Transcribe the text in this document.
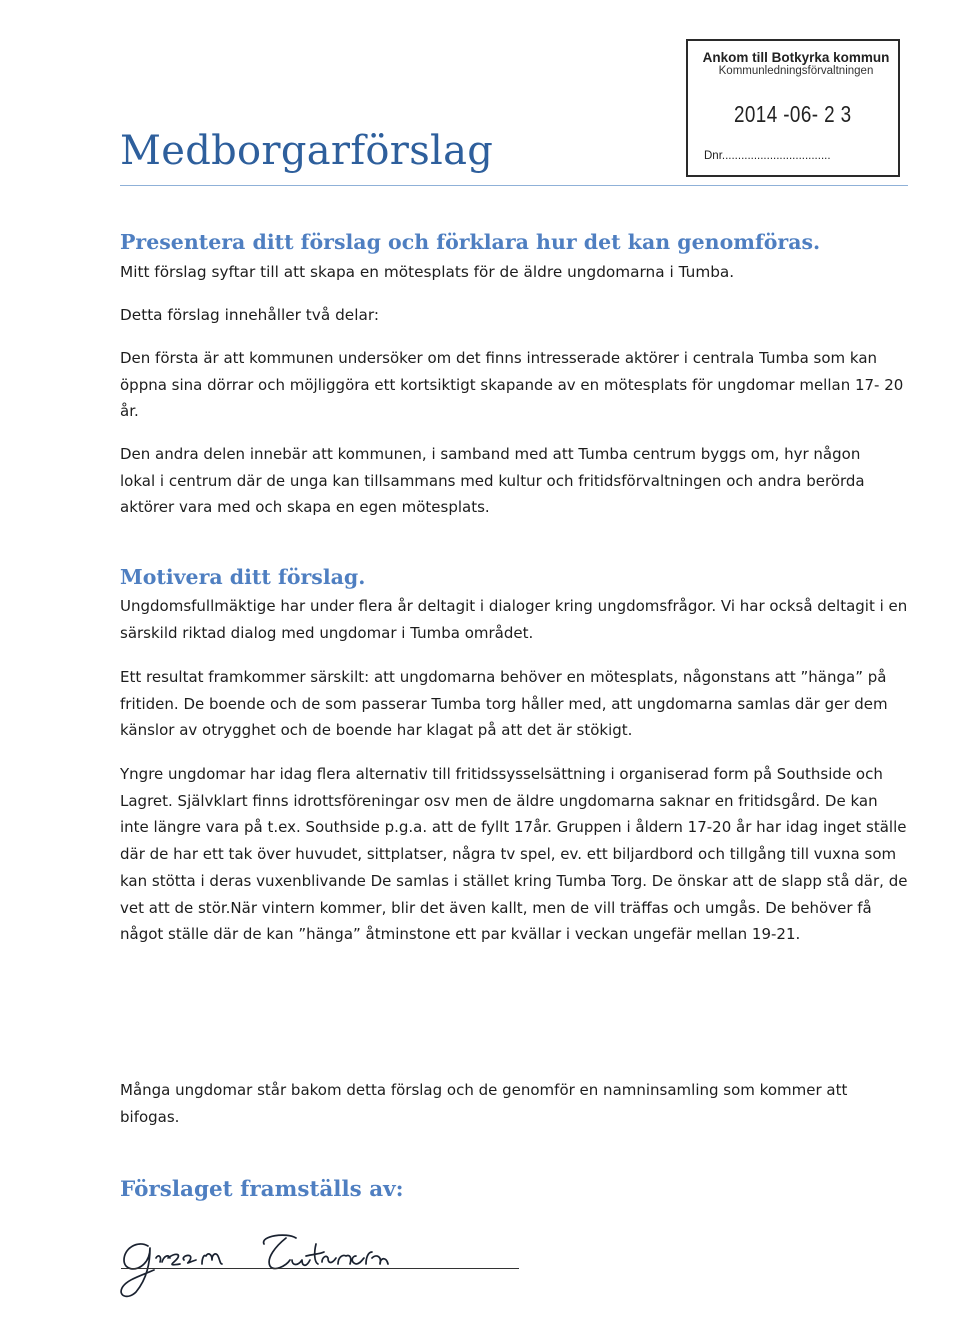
Medborgarförslag
Ankom till Botkyrka kommun
Kommunledningsförvaltningen
2014 -06- 2 3
Dnr..................................
Presentera ditt förslag och förklara hur det kan genomföras.

Mitt förslag syftar till att skapa en mötesplats för de äldre ungdomarna i Tumba.

Detta förslag innehåller två delar:

Den första är att kommunen undersöker om det finns intresserade aktörer i centrala Tumba som kan öppna sina dörrar och möjliggöra ett kortsiktigt skapande av en mötesplats för ungdomar mellan 17- 20 år.

Den andra delen innebär att kommunen, i samband med att Tumba centrum byggs om, hyr någon lokal i centrum där de unga kan tillsammans med kultur och fritidsförvaltningen och andra berörda aktörer vara med och skapa en egen mötesplats.

Motivera ditt förslag.

Ungdomsfullmäktige har under flera år deltagit i dialoger kring ungdomsfrågor. Vi har också deltagit i en särskild riktad dialog med ungdomar i Tumba området.

Ett resultat framkommer särskilt: att ungdomarna behöver en mötesplats, någonstans att ”hänga” på fritiden. De boende och de som passerar Tumba torg håller med, att ungdomarna samlas där ger dem känslor av otrygghet och de boende har klagat på att det är stökigt.

Yngre ungdomar har idag flera alternativ till fritidssysselsättning i organiserad form på Southside och Lagret. Självklart finns idrottsföreningar osv men de äldre ungdomarna saknar en fritidsgård. De kan inte längre vara på t.ex. Southside p.g.a. att de fyllt 17år. Gruppen i åldern 17-20 år har idag inget ställe där de har ett tak över huvudet, sittplatser, några tv spel, ev. ett biljardbord och tillgång till vuxna som kan stötta i deras vuxenblivande De samlas i stället kring Tumba Torg. De önskar att de slapp stå där, de vet att de stör.När vintern kommer, blir det även kallt, men de vill träffas och umgås. De behöver få något ställe där de kan ”hänga” åtminstone ett par kvällar i veckan ungefär mellan 19-21.

Många ungdomar står bakom detta förslag och de genomför en namninsamling som kommer att bifogas.

Förslaget framställs av:
